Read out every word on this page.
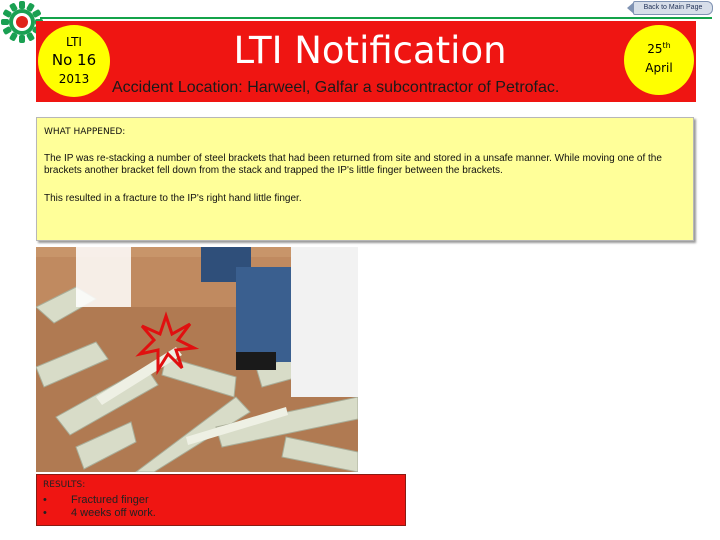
Back to Main Page
LTI
No 16
2013
LTI Notification
Accident Location: Harweel, Galfar a subcontractor of Petrofac.
25th
April
WHAT HAPPENED:
The IP was re-stacking a number of steel brackets that had been returned from site and stored in a unsafe manner. While moving one of the brackets another bracket fell down from the stack and trapped the IP's little finger between the brackets.
This resulted in a fracture to the IP's right hand little finger.
RESULTS:
• Fractured finger
• 4 weeks off work.
